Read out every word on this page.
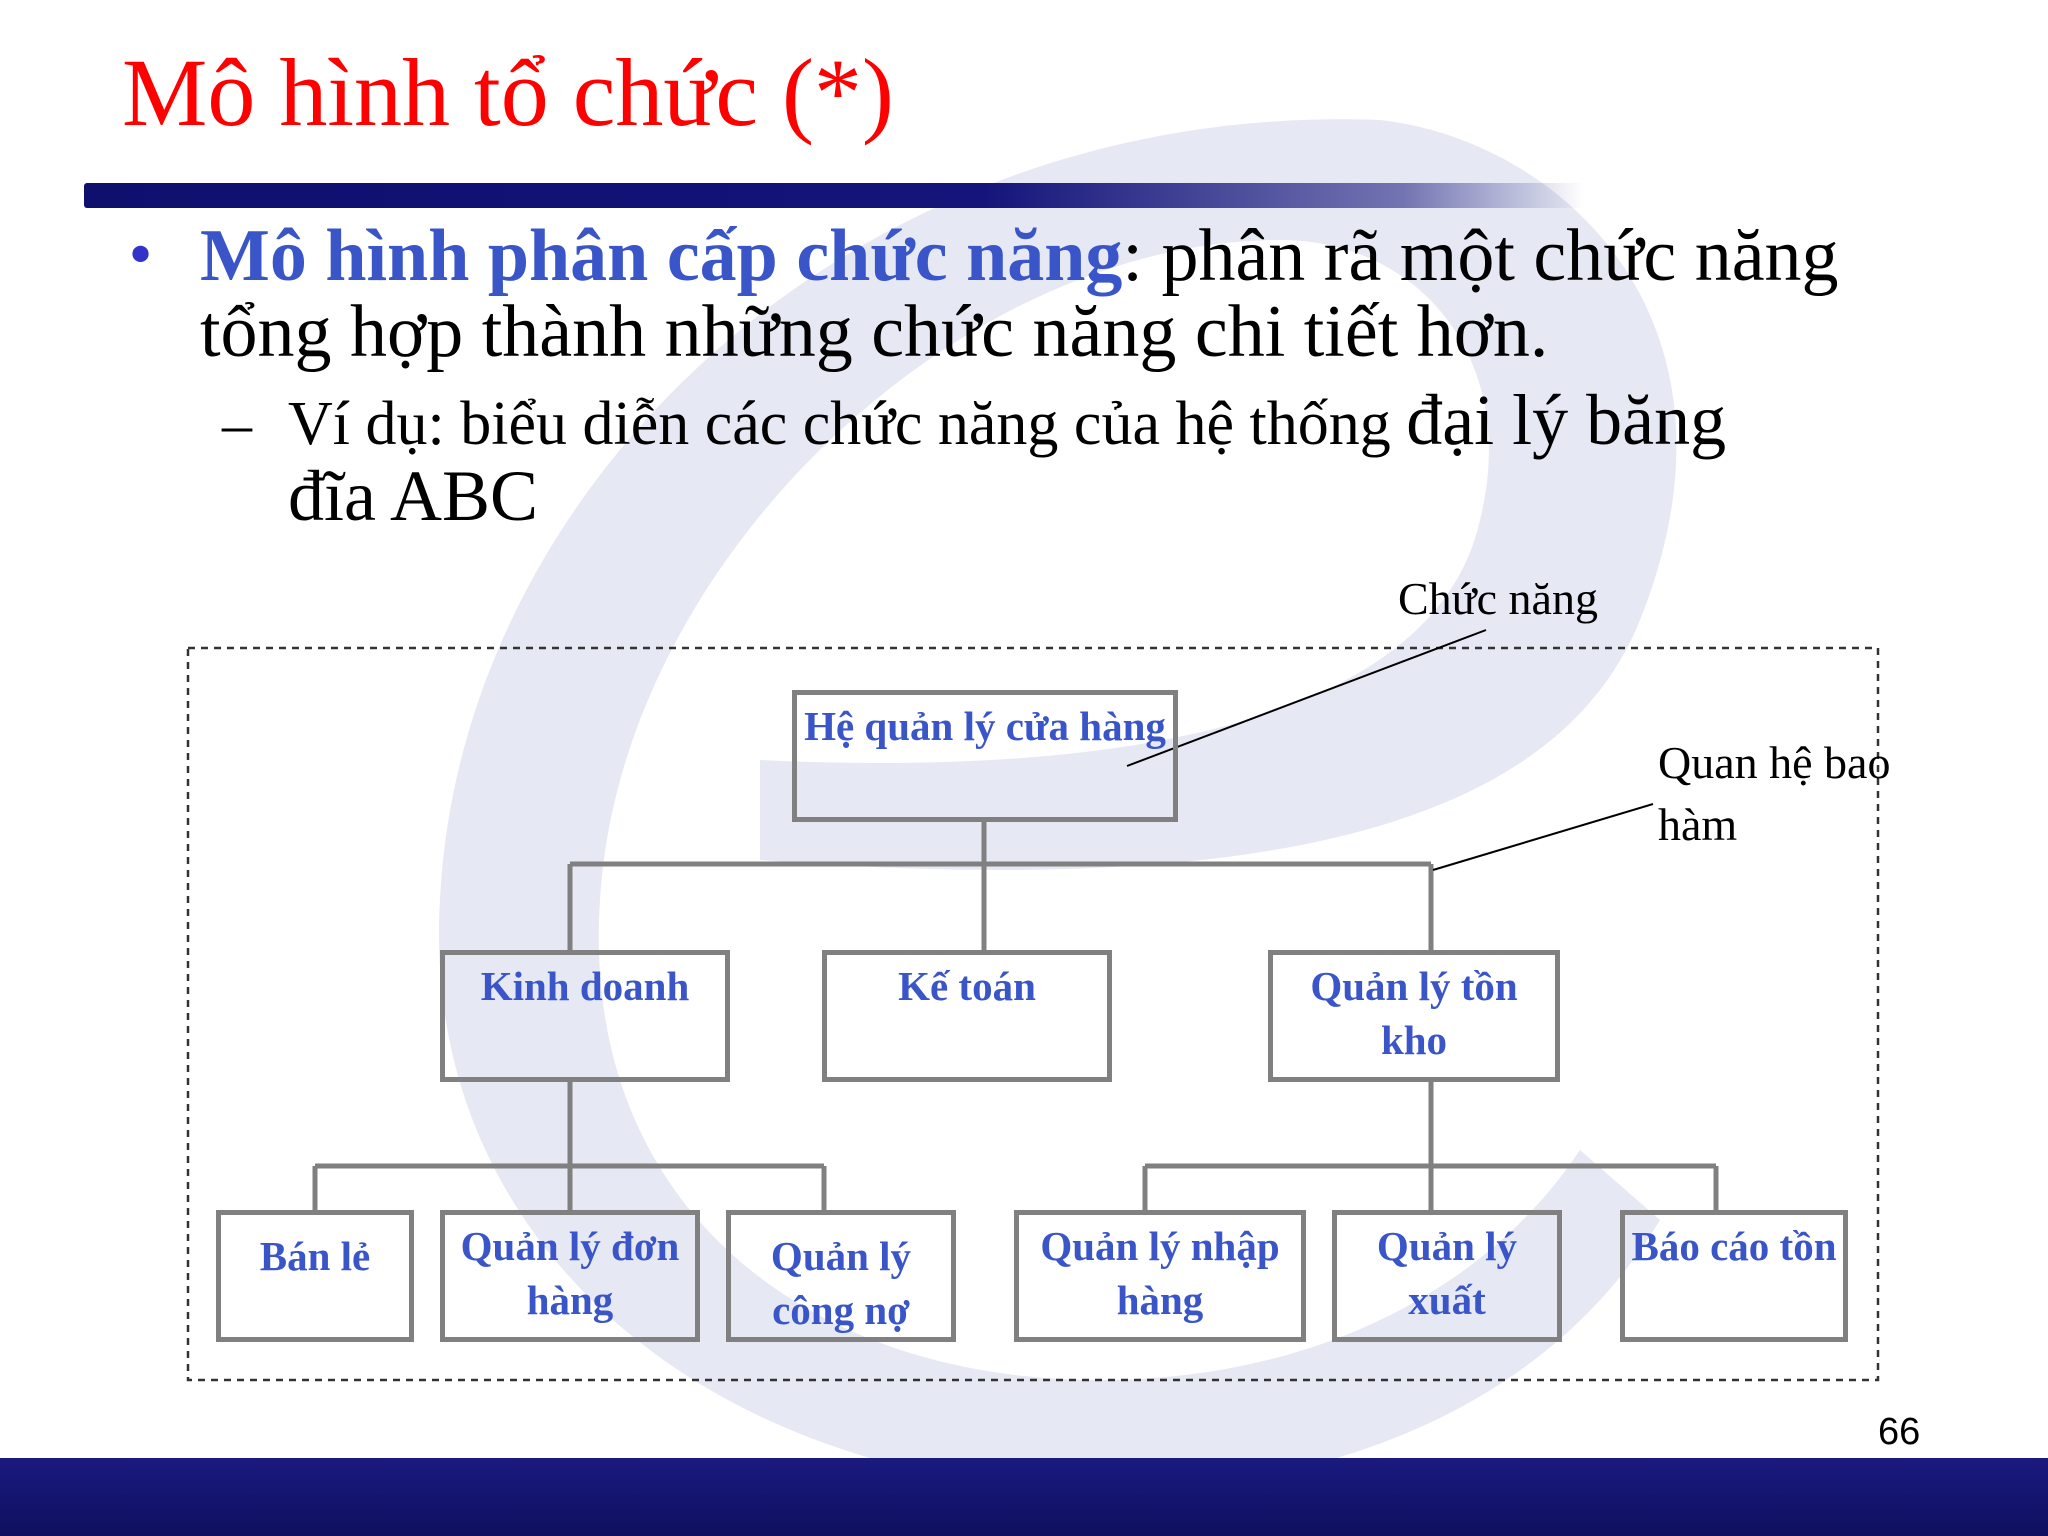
Mô hình tổ chức (*)
• Mô hình phân cấp chức năng: phân rã một chức năng tổng hợp thành những chức năng chi tiết hơn.

– Ví dụ: biểu diễn các chức năng của hệ thống đại lý băng
đĩa ABC

Hệ quản lý cửa hàng
Kinh doanh	Kế toán	Quản lý tồn kho
Bán lẻ	Quản lý đơn hàng
Quản lý công nợ
Quản lý nhập hàng
Quản lý xuất
Báo cáo tồn
Chức năng
Quan hệ bao
hàm
66
